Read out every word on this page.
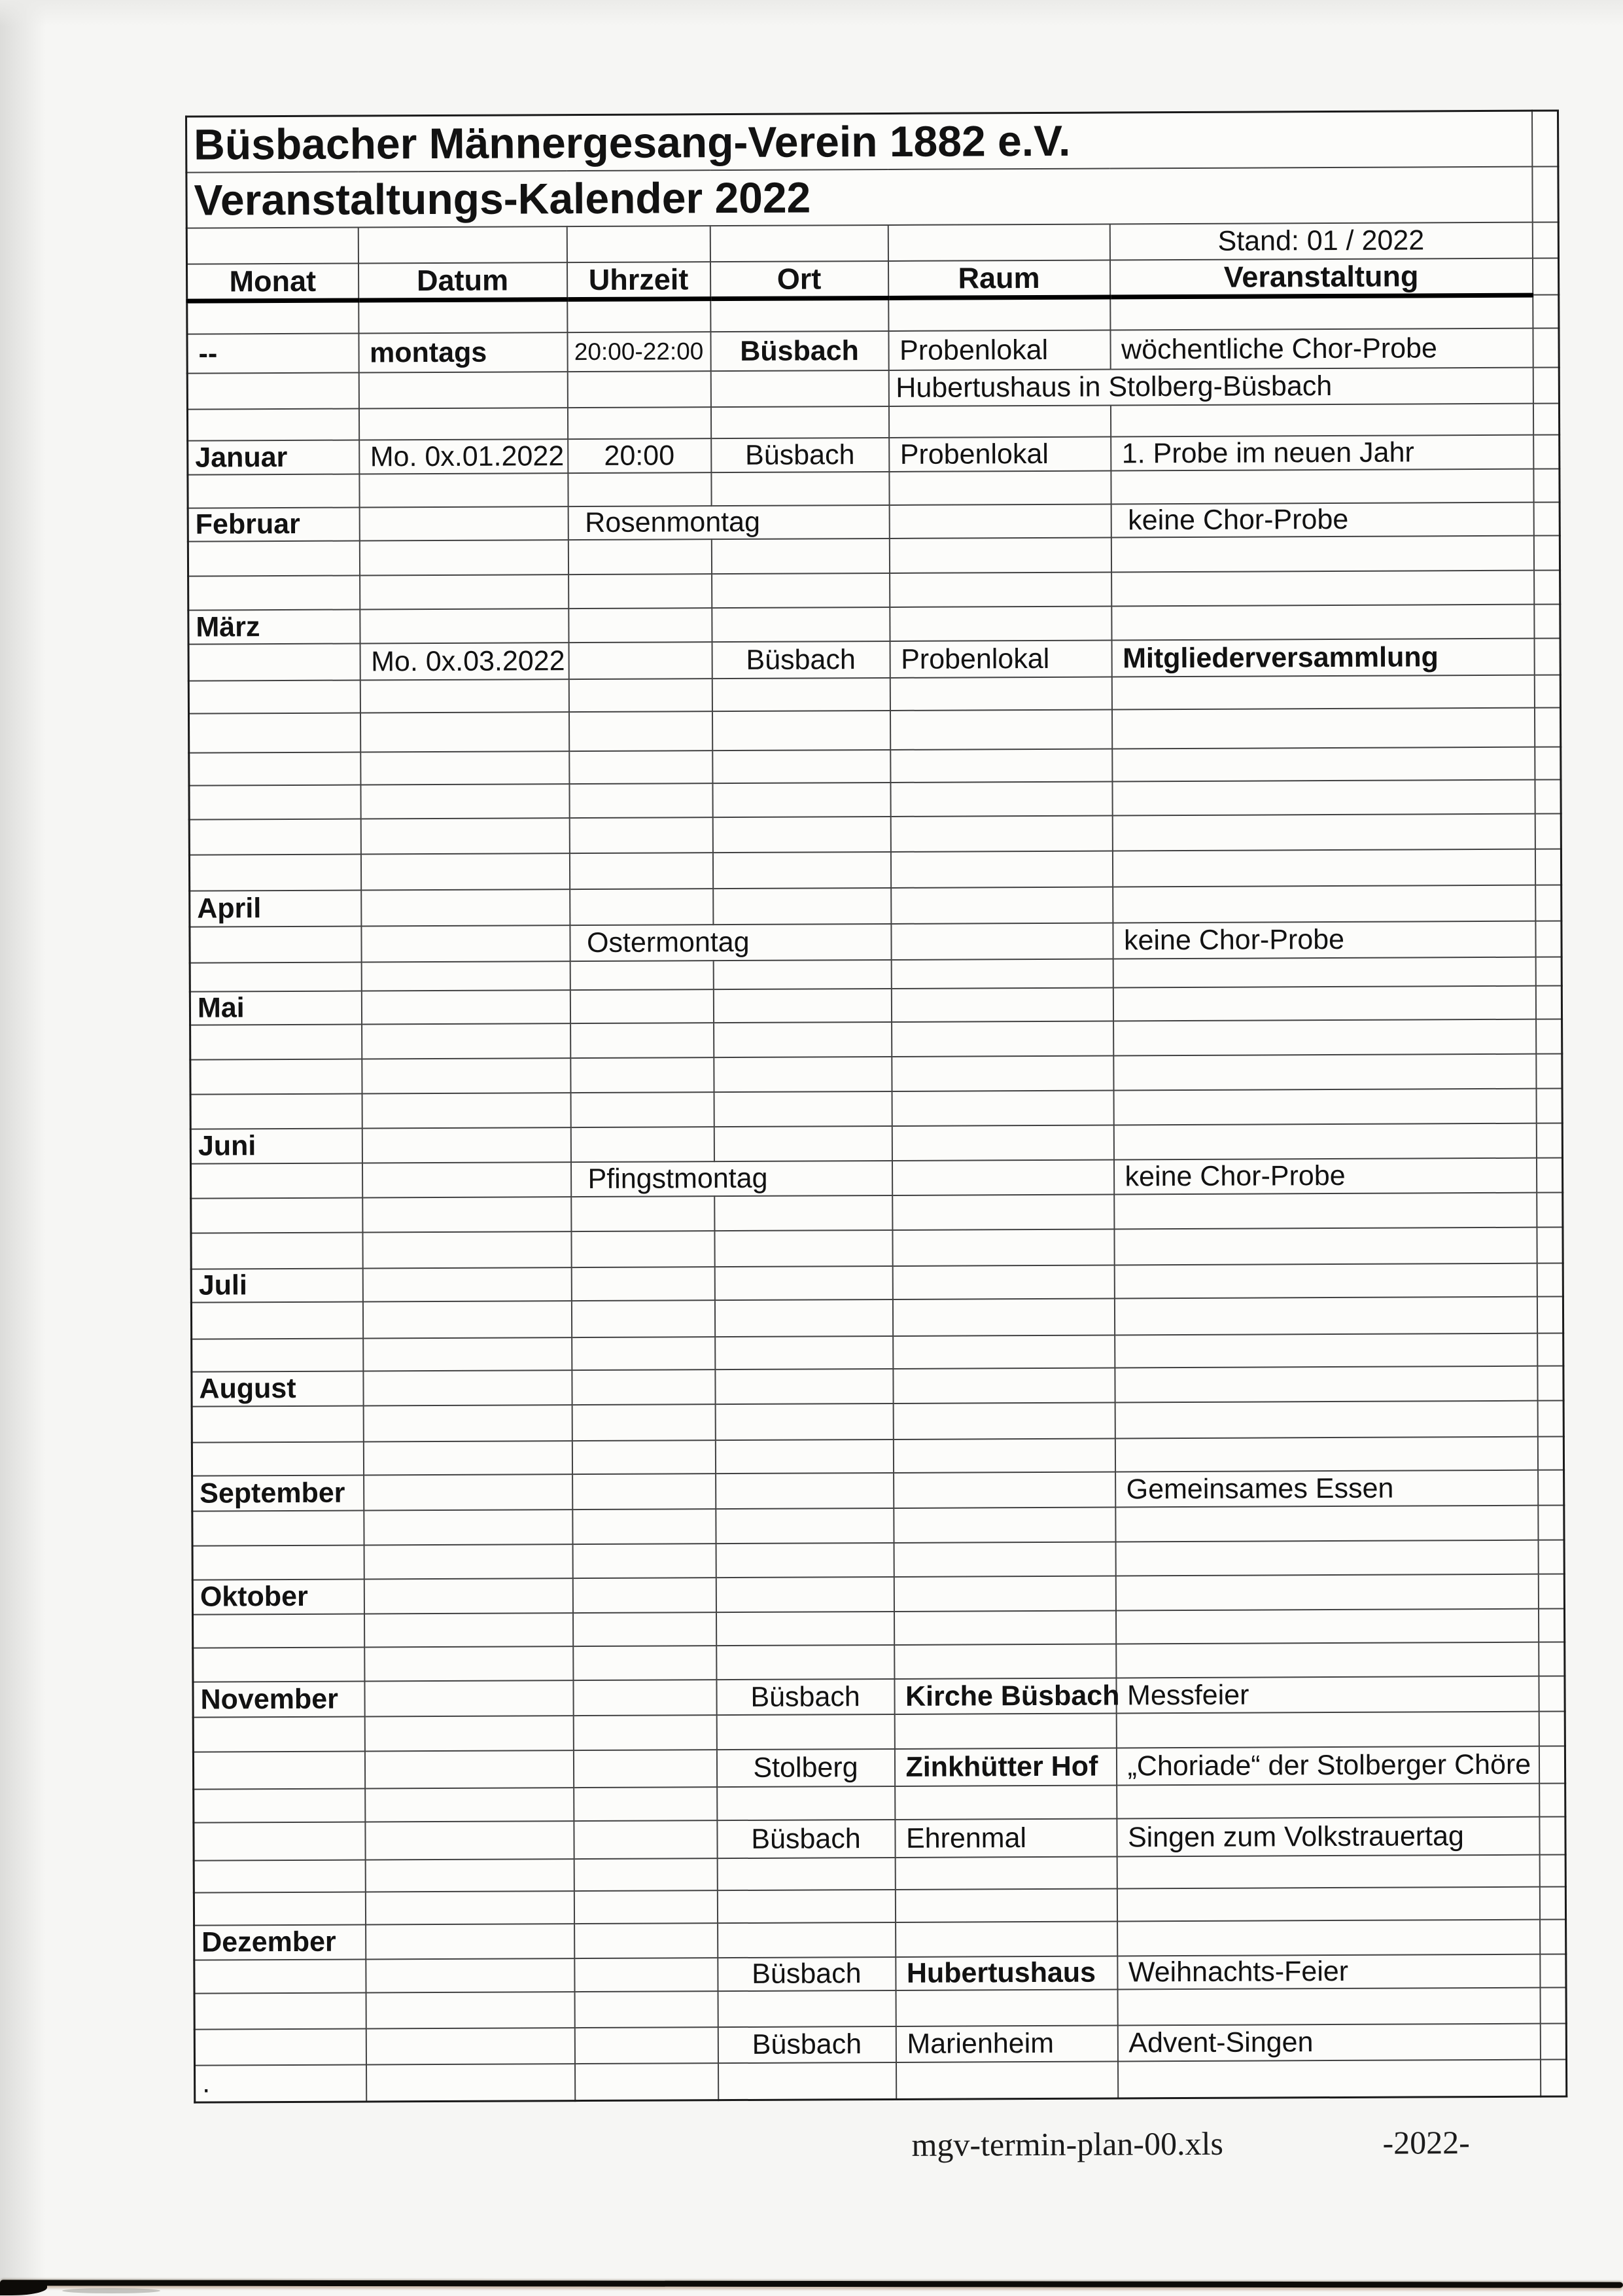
Büsbacher Männergesang-Verein 1882 e.V.						
Veranstaltungs-Kalender 2022						
					Stand: 01 / 2022	
Monat	Datum	Uhrzeit	Ort	Raum	Veranstaltung	

--	montags	20:00-22:00	Büsbach	Probenlokal	wöchentliche Chor-Probe	
				Hubertushaus in Stolberg-Büsbach		

Januar	Mo. 0x.01.2022	20:00	Büsbach	Probenlokal	1. Probe im neuen Jahr	

Februar		Rosenmontag			keine Chor-Probe	

März						
	Mo. 0x.03.2022		Büsbach	Probenlokal	Mitgliederversammlung	

April						
		Ostermontag			keine Chor-Probe	

Mai						

Juni						
		Pfingstmontag			keine Chor-Probe	

Juli						

August						

September					Gemeinsames Essen	

Oktober						

November			Büsbach	Kirche Büsbach	Messfeier	

			Stolberg	Zinkhütter Hof	„Choriade“ der Stolberger Chöre	

			Büsbach	Ehrenmal	Singen zum Volkstrauertag	

Dezember						
			Büsbach	Hubertushaus	Weihnachts-Feier	

			Büsbach	Marienheim	Advent-Singen	
.						
mgv-termin-plan-00.xls	-2022-
